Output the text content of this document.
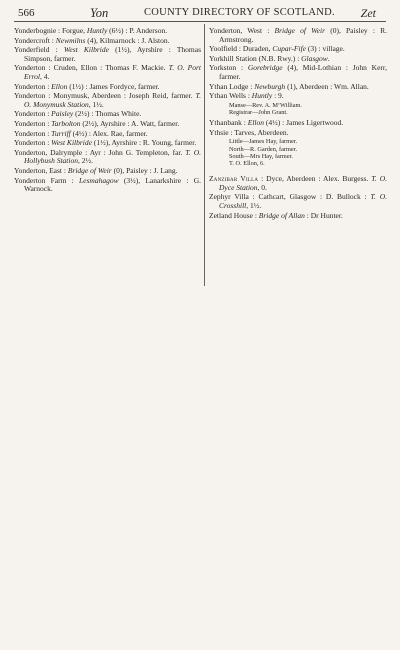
566	Yon	COUNTY DIRECTORY OF SCOTLAND. Zet
Yonderbognie : Forgue, Huntly (6½) : P. Anderson.
Yondercroft : Newmilns (4), Kilmarnock : J. Alston.
Yonderfield : West Kilbride (1½), Ayrshire : Thomas Simpson, farmer.
Yonderton : Cruden, Ellon : Thomas F. Mackie. T. O. Port Errol, 4.
Yonderton : Ellon (1½) : James Fordyce, farmer.
Yonderton : Monymusk, Aberdeen : Joseph Reid, farmer. T. O. Monymusk Station, 1½.
Yonderton : Paisley (2½) : Thomas White.
Yonderton : Tarbolton (2½), Ayrshire : A. Watt, farmer.
Yonderton : Turriff (4½) : Alex. Rae, farmer.
Yonderton : West Kilbride (1½), Ayrshire : R. Young, farmer.
Yonderton, Dalrymple : Ayr : John G. Templeton, far. T. O. Hollybush Station, 2½.
Yonderton, East : Bridge of Weir (0), Paisley : J. Lang.
Yonderton Farm : Lesmahagow (3½), Lanarkshire : G. Warnock.
Yonderton, West : Bridge of Weir (0), Paisley : R. Armstrong.
Yoolfield : Duraden, Cupar-Fife (3) : village.
Yorkhill Station (N.B. Rwy.) : Glasgow.
Yorkston : Gorebridge (4), Mid-Lothian : John Kerr, farmer.
Ythan Lodge : Newburgh (1), Aberdeen : Wm. Allan.
Ythan Wells : Huntly : 9.
Manse—Rev. A. M‘William.
Registrar—John Grant.
Ythanbank : Ellon (4½) : James Ligertwood.
Ythsie : Tarves, Aberdeen.
Little—James Hay, farmer.
North—R. Garden, farmer.
South—Mrs Hay, farmer.
T. O. Ellon, 6.
Zanzibar Villa : Dyce, Aberdeen : Alex. Burgess. T. O. Dyce Station, 0.
Zephyr Villa : Cathcart, Glasgow : D. Bullock : T. O. Crosshill, 1½.
Zetland House : Bridge of Allan : Dr Hunter.
